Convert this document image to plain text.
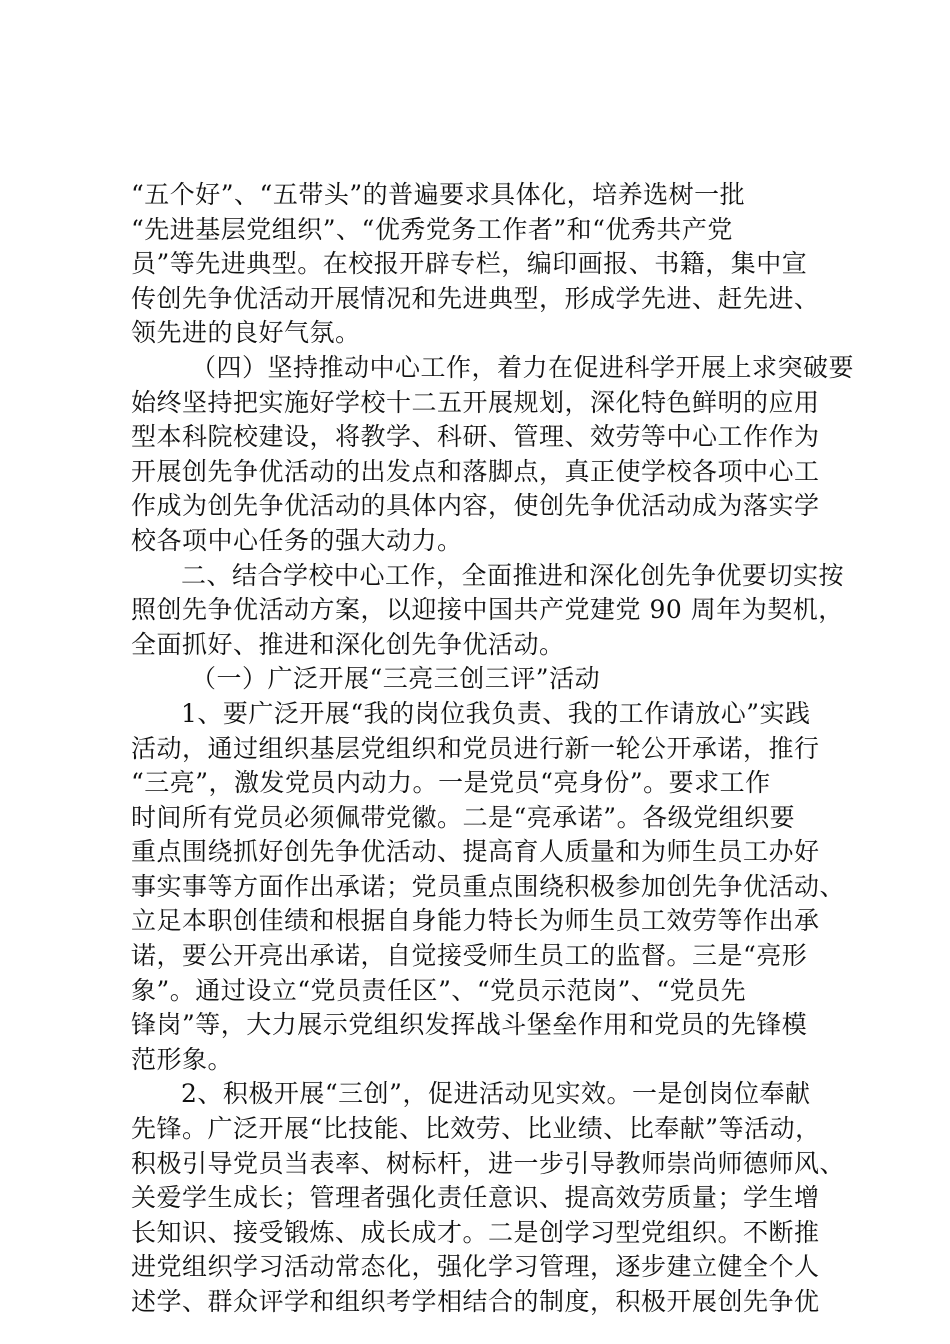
“五个好”、“五带头”的普遍要求具体化，培养选树一批
“先进基层党组织”、“优秀党务工作者”和“优秀共产党
员”等先进典型。在校报开辟专栏，编印画报、书籍，集中宣
传创先争优活动开展情况和先进典型，形成学先进、赶先进、
领先进的良好气氛。
（四）坚持推动中心工作，着力在促进科学开展上求突破要
始终坚持把实施好学校十二五开展规划，深化特色鲜明的应用
型本科院校建设，将教学、科研、管理、效劳等中心工作作为
开展创先争优活动的出发点和落脚点，真正使学校各项中心工
作成为创先争优活动的具体内容，使创先争优活动成为落实学
校各项中心任务的强大动力。
二、结合学校中心工作，全面推进和深化创先争优要切实按
照创先争优活动方案，以迎接中国共产党建党 90 周年为契机，
全面抓好、推进和深化创先争优活动。
（一）广泛开展“三亮三创三评”活动
1、要广泛开展“我的岗位我负责、我的工作请放心”实践
活动，通过组织基层党组织和党员进行新一轮公开承诺，推行
“三亮”，激发党员内动力。一是党员“亮身份”。要求工作
时间所有党员必须佩带党徽。二是“亮承诺”。各级党组织要
重点围绕抓好创先争优活动、提高育人质量和为师生员工办好
事实事等方面作出承诺；党员重点围绕积极参加创先争优活动、
立足本职创佳绩和根据自身能力特长为师生员工效劳等作出承
诺，要公开亮出承诺，自觉接受师生员工的监督。三是“亮形
象”。通过设立“党员责任区”、“党员示范岗”、“党员先
锋岗”等，大力展示党组织发挥战斗堡垒作用和党员的先锋模
范形象。
2、积极开展“三创”，促进活动见实效。一是创岗位奉献
先锋。广泛开展“比技能、比效劳、比业绩、比奉献”等活动，
积极引导党员当表率、树标杆，进一步引导教师崇尚师德师风、
关爱学生成长；管理者强化责任意识、提高效劳质量；学生增
长知识、接受锻炼、成长成才。二是创学习型党组织。不断推
进党组织学习活动常态化，强化学习管理，逐步建立健全个人
述学、群众评学和组织考学相结合的制度，积极开展创先争优
